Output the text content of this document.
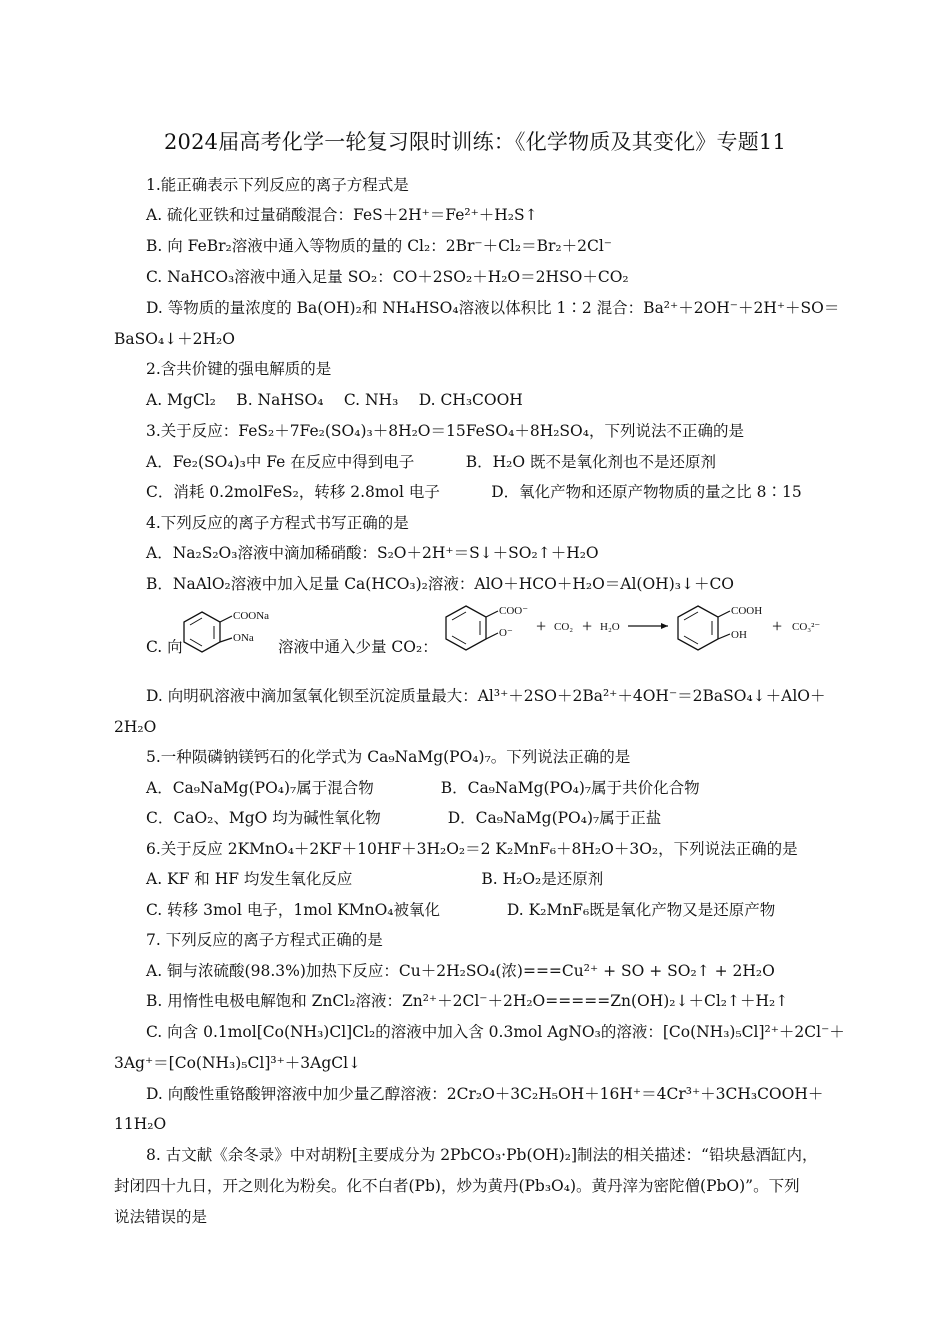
2024届高考化学一轮复习限时训练：《化学物质及其变化》专题11
1.能正确表示下列反应的离子方程式是
A. 硫化亚铁和过量硝酸混合：FeS＋2H⁺＝Fe²⁺＋H₂S↑
B. 向 FeBr₂溶液中通入等物质的量的 Cl₂：2Br⁻＋Cl₂＝Br₂＋2Cl⁻
C. NaHCO₃溶液中通入足量 SO₂：CO＋2SO₂＋H₂O＝2HSO＋CO₂
D. 等物质的量浓度的 Ba(OH)₂和 NH₄HSO₄溶液以体积比 1∶2 混合：Ba²⁺＋2OH⁻＋2H⁺＋SO＝
BaSO₄↓＋2H₂O
2.含共价键的强电解质的是
A. MgCl₂　 B. NaHSO₄　 C. NH₃　 D. CH₃COOH
3.关于反应：FeS₂＋7Fe₂(SO₄)₃＋8H₂O＝15FeSO₄＋8H₂SO₄，下列说法不正确的是
A．Fe₂(SO₄)₃中 Fe 在反应中得到电子　　　 B．H₂O 既不是氧化剂也不是还原剂
C．消耗 0.2molFeS₂，转移 2.8mol 电子　　　 D．氧化产物和还原产物物质的量之比 8∶15
4.下列反应的离子方程式书写正确的是
A．Na₂S₂O₃溶液中滴加稀硝酸：S₂O＋2H⁺＝S↓＋SO₂↑＋H₂O
B．NaAlO₂溶液中加入足量 Ca(HCO₃)₂溶液：AlO＋HCO＋H₂O＝Al(OH)₃↓＋CO
C. 向
COONa
ONa 溶液中通入少量 CO₂：
COO⁻
O⁻ + CO₂ + H₂O
COOH
OH + CO₃²⁻
D. 向明矾溶液中滴加氢氧化钡至沉淀质量最大：Al³⁺＋2SO＋2Ba²⁺＋4OH⁻＝2BaSO₄↓＋AlO＋
2H₂O
5.一种陨磷钠镁钙石的化学式为 Ca₉NaMg(PO₄)₇。下列说法正确的是
A．Ca₉NaMg(PO₄)₇属于混合物　　　　 B．Ca₉NaMg(PO₄)₇属于共价化合物
C．CaO₂、MgO 均为碱性氧化物　　　　 D．Ca₉NaMg(PO₄)₇属于正盐
6.关于反应 2KMnO₄＋2KF＋10HF＋3H₂O₂＝2 K₂MnF₆＋8H₂O＋3O₂，下列说法正确的是
A. KF 和 HF 均发生氧化反应　　　　　　　　 B. H₂O₂是还原剂
C. 转移 3mol 电子，1mol KMnO₄被氧化　　　　 D. K₂MnF₆既是氧化产物又是还原产物
7. 下列反应的离子方程式正确的是
A. 铜与浓硫酸(98.3%)加热下反应：Cu＋2H₂SO₄(浓)===Cu²⁺ + SO + SO₂↑ + 2H₂O
B. 用惰性电极电解饱和 ZnCl₂溶液：Zn²⁺＋2Cl⁻＋2H₂O=====Zn(OH)₂↓＋Cl₂↑＋H₂↑
C. 向含 0.1mol[Co(NH₃)Cl]Cl₂的溶液中加入含 0.3mol AgNO₃的溶液：[Co(NH₃)₅Cl]²⁺＋2Cl⁻＋
3Ag⁺＝[Co(NH₃)₅Cl]³⁺＋3AgCl↓
D. 向酸性重铬酸钾溶液中加少量乙醇溶液：2Cr₂O＋3C₂H₅OH＋16H⁺＝4Cr³⁺＋3CH₃COOH＋
11H₂O
8. 古文献《余冬录》中对胡粉[主要成分为 2PbCO₃·Pb(OH)₂]制法的相关描述：“铅块悬酒缸内，
封闭四十九日，开之则化为粉矣。化不白者(Pb)，炒为黄丹(Pb₃O₄)。黄丹滓为密陀僧(PbO)”。下列
说法错误的是
